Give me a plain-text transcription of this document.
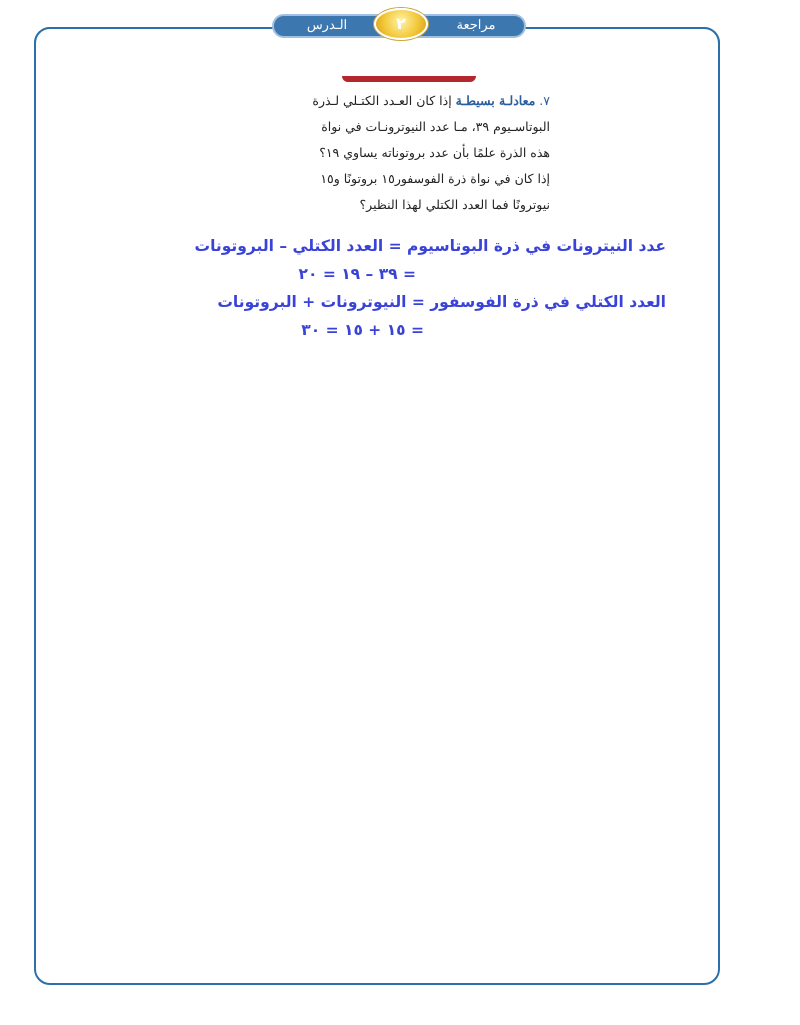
الـدرس	مراجعة
٢
٧. معادلـة بسيطـة إذا كان العـدد الكتـلي لـذرة
البوتاسـيوم ٣٩، مـا عدد النيوترونـات في نواة
هذه الذرة علمًا بأن عدد بروتوناته يساوي ١٩؟
إذا كان في نواة ذرة الفوسفور١٥ بروتونًا و١٥
نيوترونًا فما العدد الكتلي لهذا النظير؟
عدد النيترونات في ذرة البوتاسيوم = العدد الكتلي – البروتونات
= ٣٩ – ١٩ = ٢٠
العدد الكتلي في ذرة الفوسفور = النيوترونات + البروتونات
= ١٥ + ١٥ = ٣٠
